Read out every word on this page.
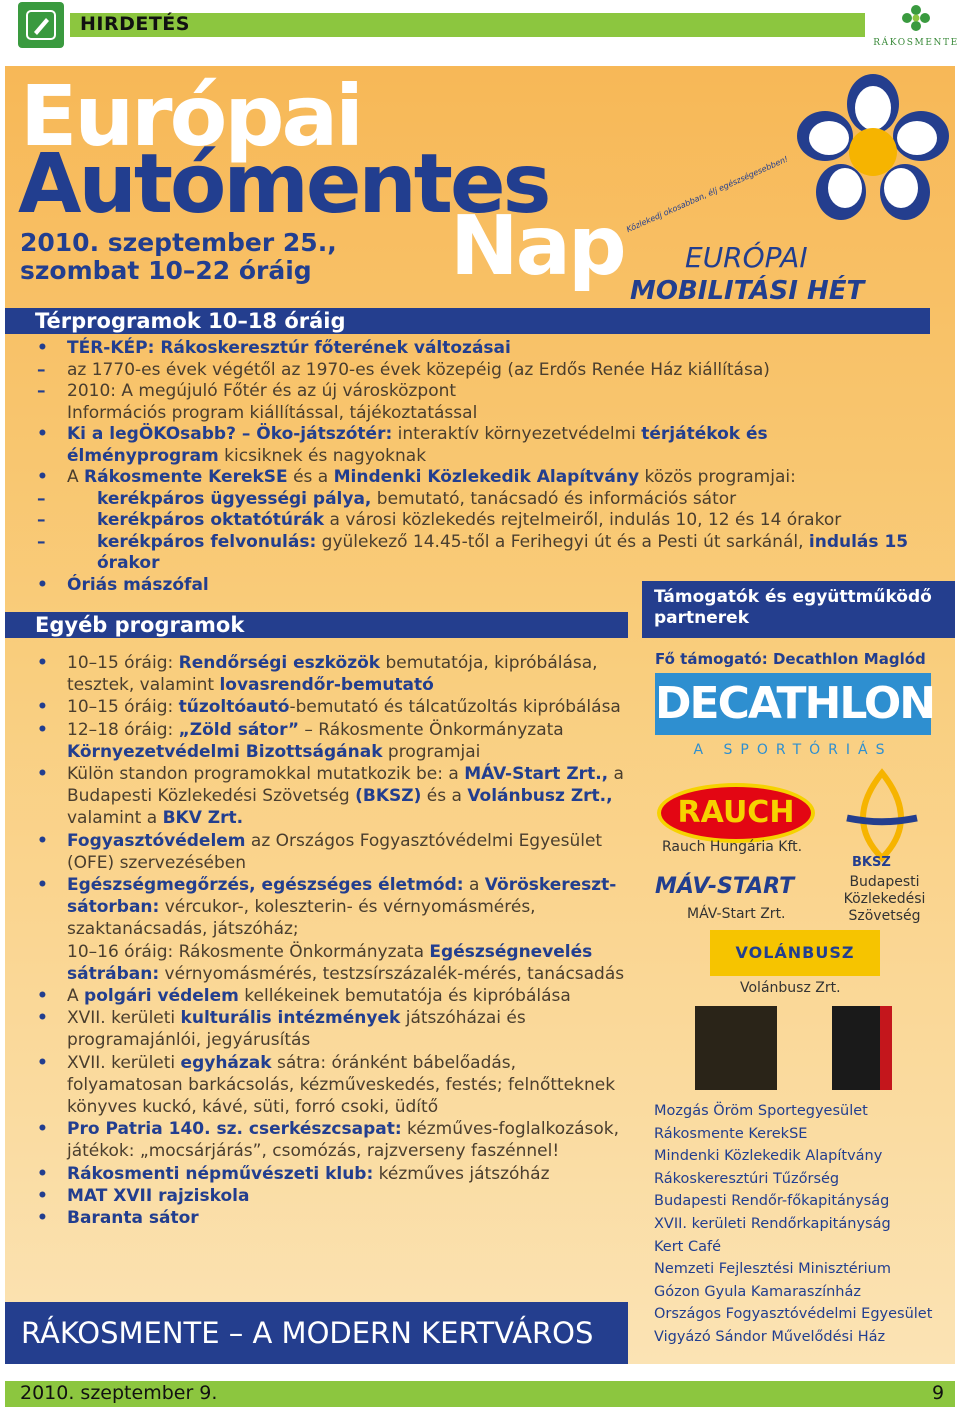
HIRDETÉS
RÁKOSMENTE
Európai
Autómentes
Nap
2010. szeptember 25.,
szombat 10–22 óráig
Közlekedj okosabban, élj egészségesebben!
EURÓPAI
MOBILITÁSI HÉT
Térprogramok 10–18 óráig
• TÉR-KÉP: Rákoskeresztúr főterének változásai
– az 1770-es évek végétől az 1970-es évek közepéig (az Erdős Renée Ház kiállítása)
– 2010: A megújuló Főtér és az új városközpont
Információs program kiállítással, tájékoztatással
• Ki a legÖKOsabb? – Öko-játszótér: interaktív környezetvédelmi térjátékok és élményprogram kicsiknek és nagyoknak
• A Rákosmente KerekSE és a Mindenki Közlekedik Alapítvány közös programjai:
– kerékpáros ügyességi pálya, bemutató, tanácsadó és információs sátor
– kerékpáros oktatótúrák a városi közlekedés rejtelmeiről, indulás 10, 12 és 14 órakor
– kerékpáros felvonulás: gyülekező 14.45-től a Ferihegyi út és a Pesti út sarkánál, indulás 15 órakor
• Óriás mászófal
Egyéb programok
• 10–15 óráig: Rendőrségi eszközök bemutatója, kipróbálása, tesztek, valamint lovasrendőr-bemutató
• 10–15 óráig: tűzoltóautó-bemutató és tálcatűzoltás kipróbálása
• 12–18 óráig: „Zöld sátor” – Rákosmente Önkormányzata Környezetvédelmi Bizottságának programjai
• Külön standon programokkal mutatkozik be: a MÁV-Start Zrt., a Budapesti Közlekedési Szövetség (BKSZ) és a Volánbusz Zrt., valamint a BKV Zrt.
• Fogyasztóvédelem az Országos Fogyasztóvédelmi Egyesület (OFE) szervezésében
• Egészségmegőrzés, egészséges életmód: a Vöröskereszt-sátorban: vércukor-, koleszterin- és vérnyomásmérés, szaktanácsadás, játszóház;
10–16 óráig: Rákosmente Önkormányzata Egészségnevelés sátrában: vérnyomásmérés, testzsírszázalék-mérés, tanácsadás
• A polgári védelem kellékeinek bemutatója és kipróbálása
• XVII. kerületi kulturális intézmények játszóházai és programajánlói, jegyárusítás
• XVII. kerületi egyházak sátra: óránként bábelőadás, folyamatosan barkácsolás, kézműveskedés, festés; felnőtteknek könyves kuckó, kávé, süti, forró csoki, üdítő
• Pro Patria 140. sz. cserkészcsapat: kézműves-foglalkozások, játékok: „mocsárjárás”, csomózás, rajzverseny faszénnel!
• Rákosmenti népművészeti klub: kézműves játszóház
• MAT XVII rajziskola
• Baranta sátor
RÁKOSMENTE – A MODERN KERTVÁROS
Támogatók és együttműködő partnerek
Fő támogató: Decathlon Maglód
DECATHLON
A SPORTÓRIÁS
RAUCH
Rauch Hungária Kft.
BKSZ
Budapesti Közlekedési Szövetség
MÁV-START
MÁV-Start Zrt.
VOLÁNBUSZ
Volánbusz Zrt.
Mozgás Öröm Sportegyesület
Rákosmente KerekSE
Mindenki Közlekedik Alapítvány
Rákoskeresztúri Tűzőrség
Budapesti Rendőr-főkapitányság
XVII. kerületi Rendőrkapitányság
Kert Café
Nemzeti Fejlesztési Minisztérium
Gózon Gyula Kamaraszínház
Országos Fogyasztóvédelmi Egyesület
Vigyázó Sándor Művelődési Ház
2010. szeptember 9.	9
